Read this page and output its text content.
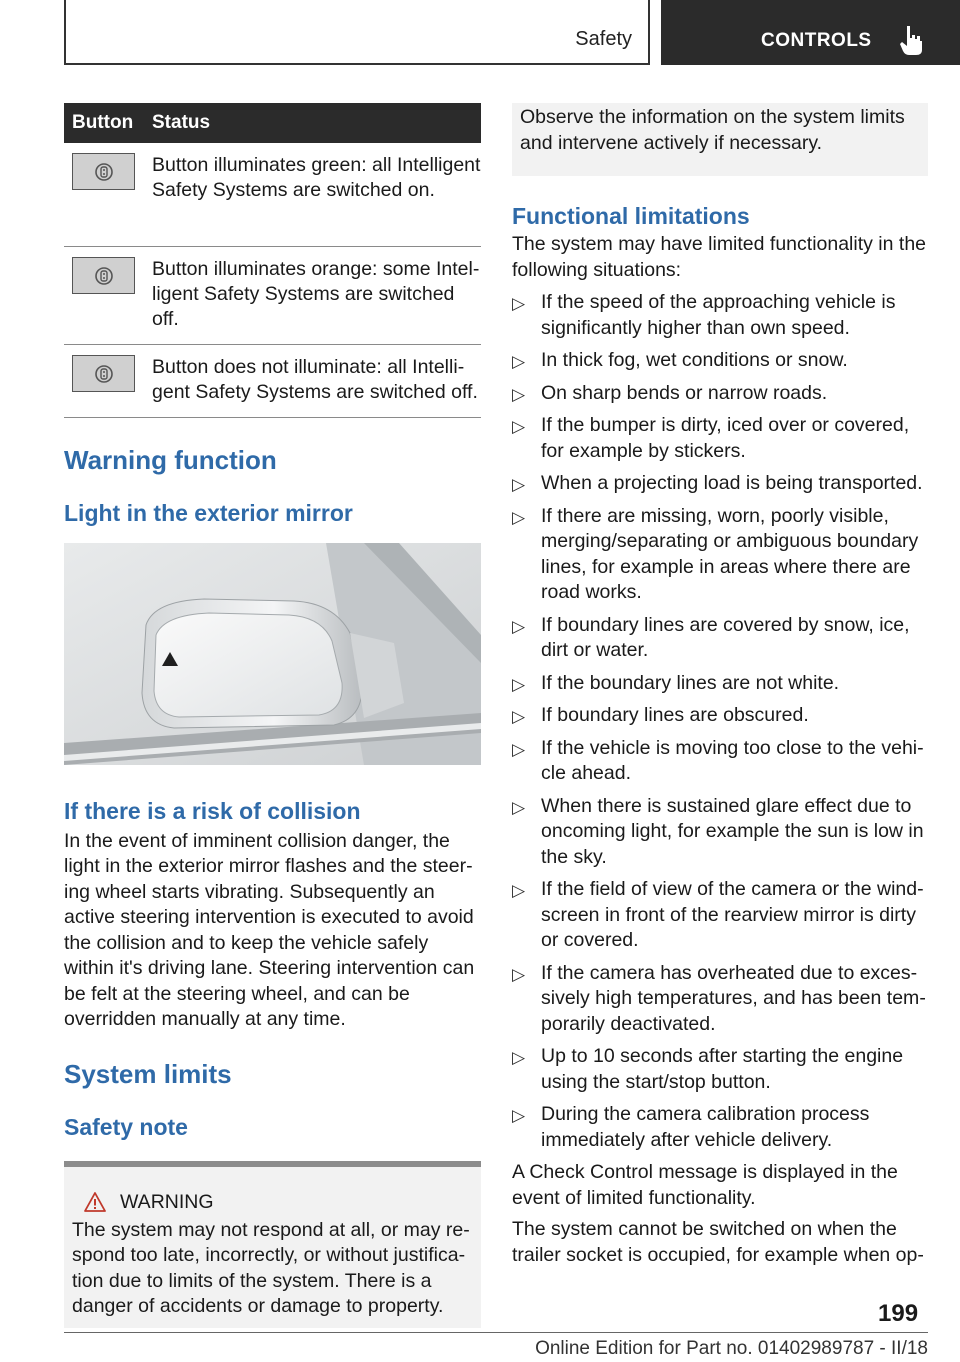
Safety	CONTROLS
Button	Status

	Button illuminates green: all Intelligent Safety Systems are switched on.

	Button illuminates orange: some Intelligent Safety Systems are switched off.

	Button does not illuminate: all Intelligent Safety Systems are switched off.
Warning function
Light in the exterior mirror
If there is a risk of collision

In the event of imminent collision danger, the light in the exterior mirror flashes and the steering wheel starts vibrating. Subsequently an active steering intervention is executed to avoid the collision and to keep the vehicle safely within it's driving lane. Steering intervention can be felt at the steering wheel, and can be overridden manually at any time.

System limits
Safety note
WARNING

The system may not respond at all, or may respond too late, incorrectly, or without justification due to limits of the system. There is a danger of accidents or damage to property.

Observe the information on the system limits and intervene actively if necessary.

Functional limitations

The system may have limited functionality in the following situations:

▷ If the speed of the approaching vehicle is significantly higher than own speed.
▷ In thick fog, wet conditions or snow.
▷ On sharp bends or narrow roads.
▷ If the bumper is dirty, iced over or covered, for example by stickers.
▷ When a projecting load is being transported.
▷ If there are missing, worn, poorly visible, merging/separating or ambiguous boundary lines, for example in areas where there are road works.
▷ If boundary lines are covered by snow, ice, dirt or water.
▷ If the boundary lines are not white.
▷ If boundary lines are obscured.
▷ If the vehicle is moving too close to the vehicle ahead.
▷ When there is sustained glare effect due to oncoming light, for example the sun is low in the sky.
▷ If the field of view of the camera or the windscreen in front of the rearview mirror is dirty or covered.
▷ If the camera has overheated due to excessively high temperatures, and has been temporarily deactivated.
▷ Up to 10 seconds after starting the engine using the start/stop button.
▷ During the camera calibration process immediately after vehicle delivery.

A Check Control message is displayed in the event of limited functionality.

The system cannot be switched on when the trailer socket is occupied, for example when op-

199
Online Edition for Part no. 01402989787 - II/18
